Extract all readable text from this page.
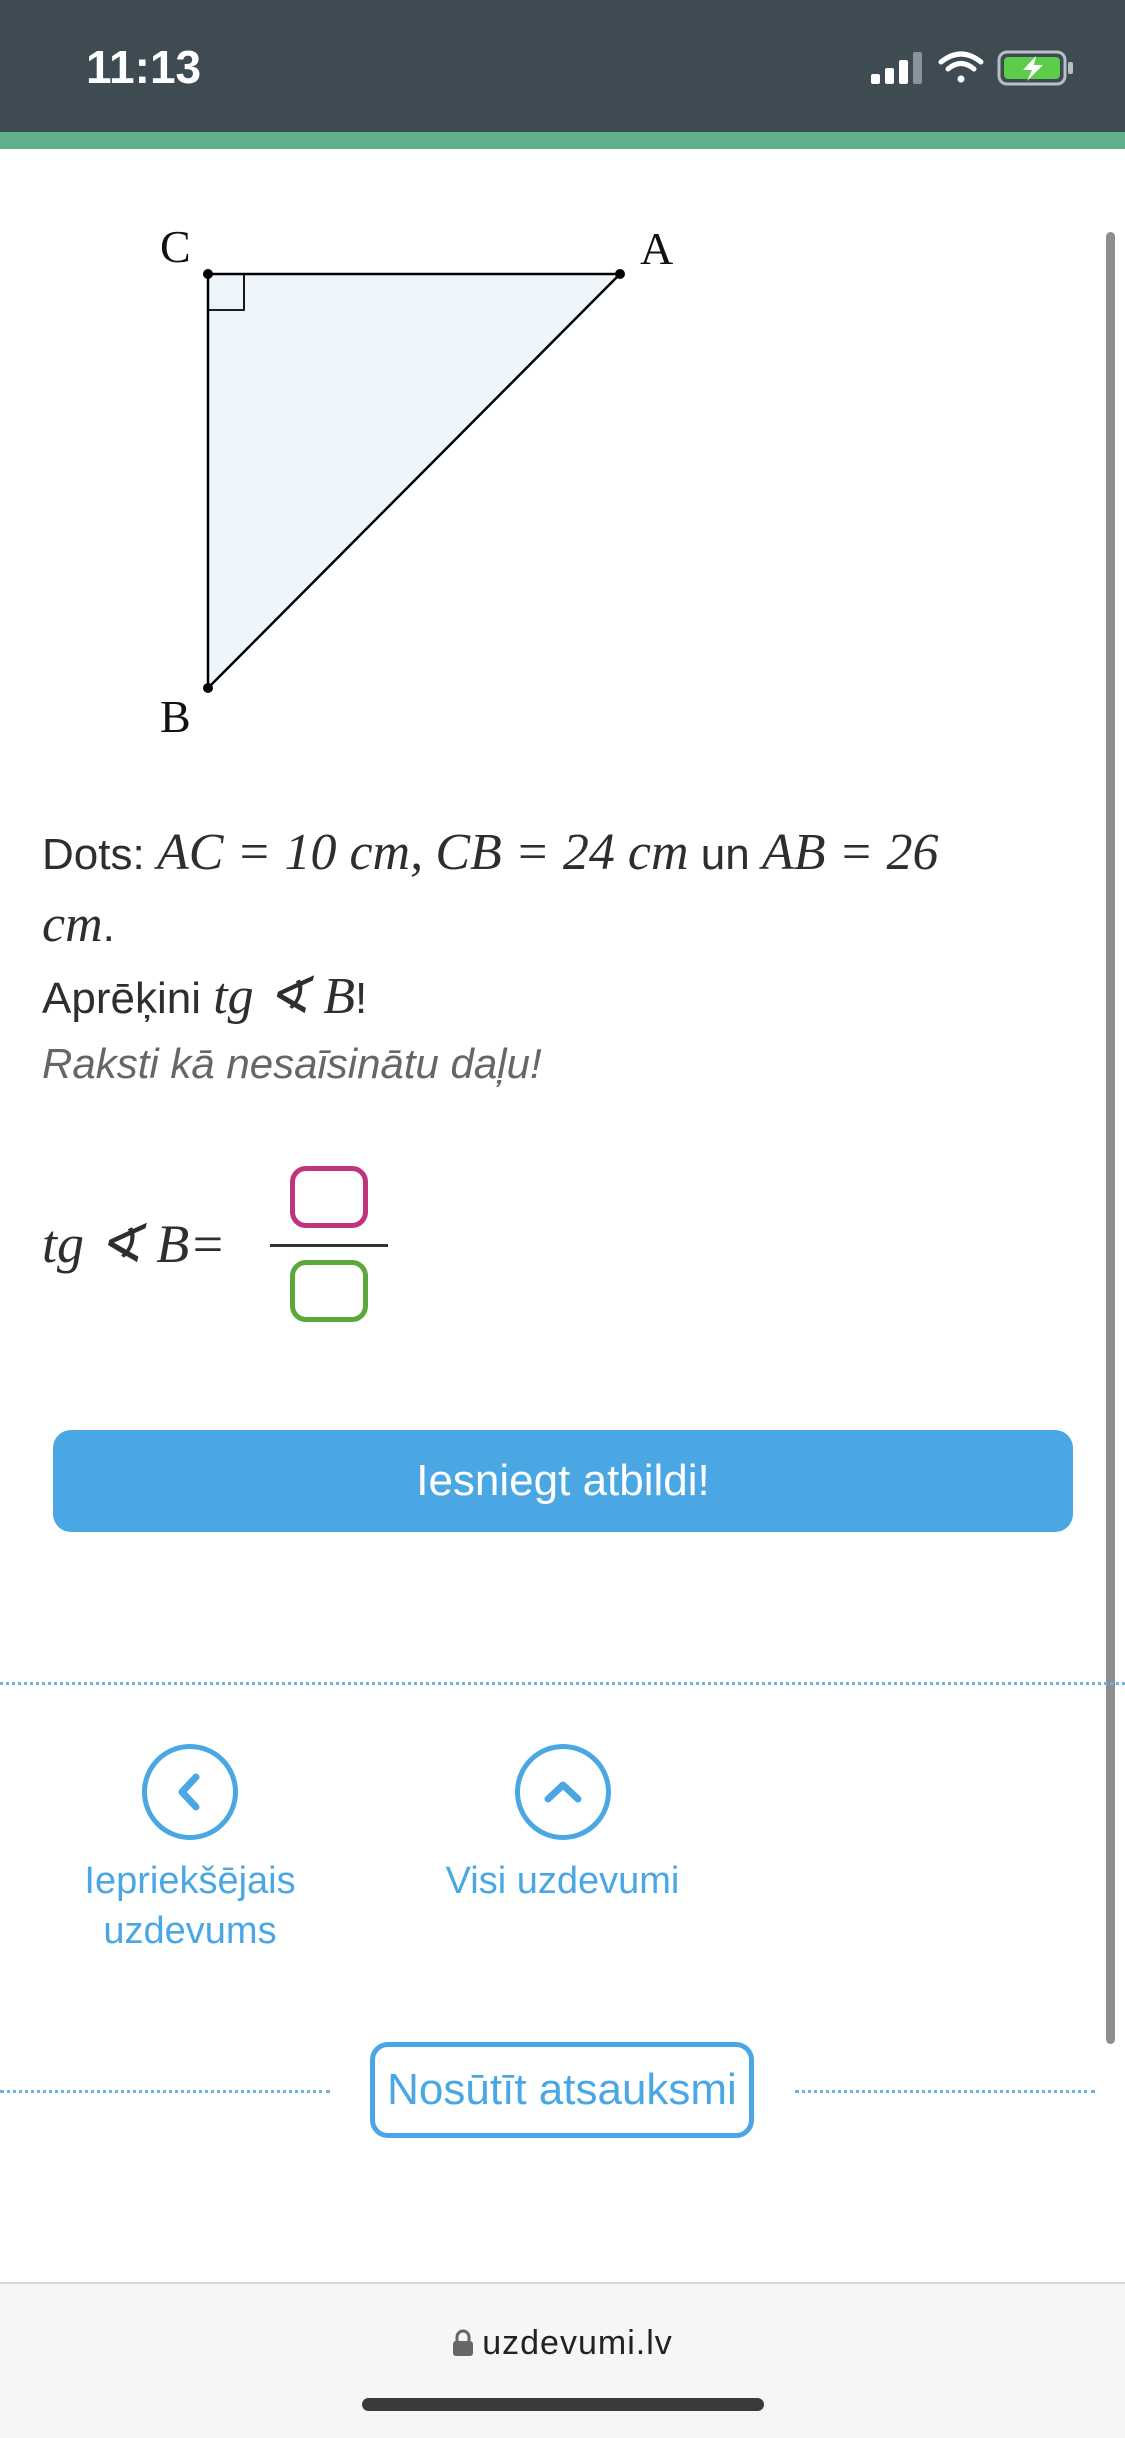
11:13
C	A
B
Dots: AC = 10 cm, CB = 24 cm un AB = 26
cm.
Aprēķini tg ∢ B!
Raksti kā nesaīsinātu daļu!
tg ∢ B=
Iesniegt atbildi!
Iepriekšējais
uzdevums
Visi uzdevumi
Nosūtīt atsauksmi
uzdevumi.lv
